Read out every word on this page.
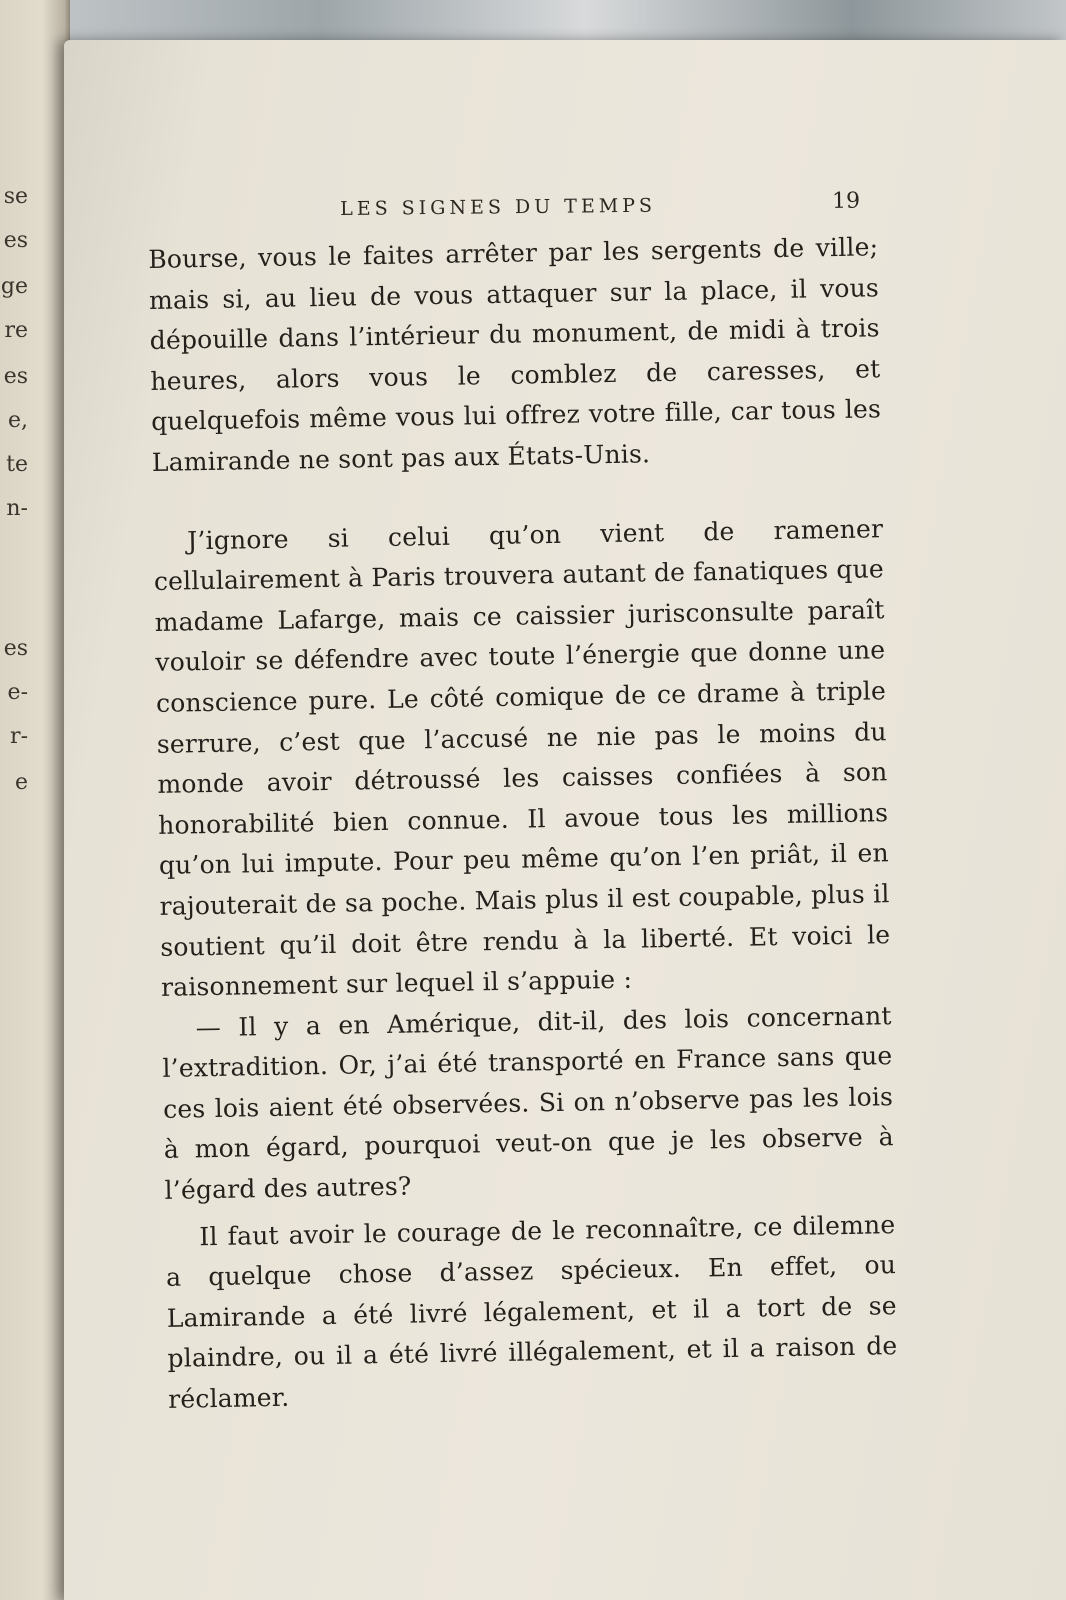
se
es
ge
re
es
e,
te
n-
es
e-
r-
e
LES SIGNES DU TEMPS	19

Bourse, vous le faites arrêter par les sergents de ville; mais si, au lieu de vous attaquer sur la place, il vous dépouille dans l’intérieur du monument, de midi à trois heures, alors vous le comblez de caresses, et quelquefois même vous lui offrez votre fille, car tous les Lamirande ne sont pas aux États-Unis.

J’ignore si celui qu’on vient de ramener cellulairement à Paris trouvera autant de fanatiques que madame Lafarge, mais ce caissier jurisconsulte paraît vouloir se défendre avec toute l’énergie que donne une conscience pure. Le côté comique de ce drame à triple serrure, c’est que l’accusé ne nie pas le moins du monde avoir détroussé les caisses confiées à son honorabilité bien connue. Il avoue tous les millions qu’on lui impute. Pour peu même qu’on l’en priât, il en rajouterait de sa poche. Mais plus il est coupable, plus il soutient qu’il doit être rendu à la liberté. Et voici le raisonnement sur lequel il s’appuie :

— Il y a en Amérique, dit-il, des lois concernant l’extradition. Or, j’ai été transporté en France sans que ces lois aient été observées. Si on n’observe pas les lois à mon égard, pourquoi veut-on que je les observe à l’égard des autres?

Il faut avoir le courage de le reconnaître, ce dilemne a quelque chose d’assez spécieux. En effet, ou Lamirande a été livré légalement, et il a tort de se plaindre, ou il a été livré illégalement, et il a raison de réclamer.
